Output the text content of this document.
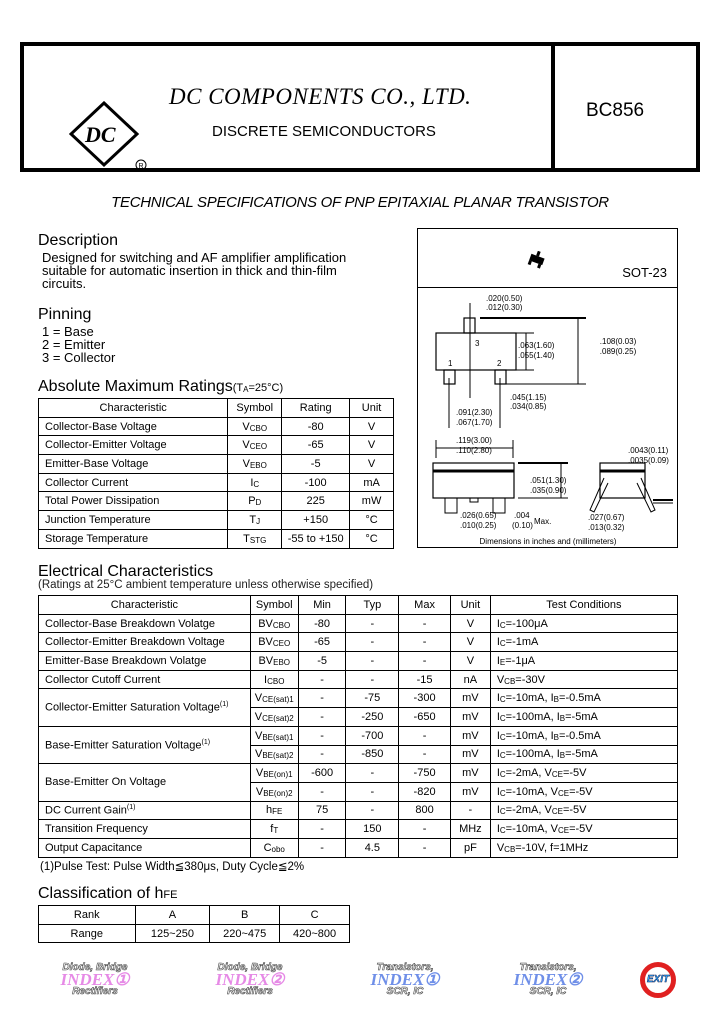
DC
R
DC COMPONENTS CO., LTD.
DISCRETE SEMICONDUCTORS
BC856
TECHNICAL SPECIFICATIONS OF PNP EPITAXIAL PLANAR TRANSISTOR
Description
Designed for switching and AF amplifier amplification
suitable for automatic insertion in thick and thin-film
circuits.
Pinning
1 = Base
2 = Emitter
3 = Collector
SOT-23
3
1	2
.020(0.50)
.012(0.30)
.063(1.60)
.055(1.40)
.108(0.03)
.089(0.25)
.045(1.15)
.034(0.85)
.091(2.30)
.067(1.70)
.119(3.00)
.110(2.80)
.051(1.30)
.035(0.90)
.026(0.65)
.010(0.25)
.004
(0.10) Max.
.0043(0.11)
.0035(0.09)
.027(0.67)
.013(0.32)
Dimensions in inches and (millimeters)
Absolute Maximum Ratings(TA=25°C)
Characteristic	Symbol	Rating	Unit
Collector-Base Voltage	VCBO	-80	V
Collector-Emitter Voltage	VCEO	-65	V
Emitter-Base Voltage	VEBO	-5	V
Collector Current	IC	-100	mA
Total Power Dissipation	PD	225	mW
Junction Temperature	TJ	+150	°C
Storage Temperature	TSTG	-55 to +150	°C
Electrical Characteristics
(Ratings at 25°C ambient temperature unless otherwise specified)
Characteristic	Symbol	Min	Typ	Max	Unit	Test Conditions
Collector-Base Breakdown Volatge	BVCBO	-80	-	-	V	IC=-100μA
Collector-Emitter Breakdown Voltage	BVCEO	-65	-	-	V	IC=-1mA
Emitter-Base Breakdown Volatge	BVEBO	-5	-	-	V	IE=-1μA
Collector Cutoff Current	ICBO	-	-	-15	nA	VCB=-30V
Collector-Emitter Saturation Voltage$^{(1)}$	VCE(sat)1	-	-75	-300	mV	IC=-10mA, IB=-0.5mA
	VCE(sat)2	-	-250	-650	mV	IC=-100mA, IB=-5mA
Base-Emitter Saturation Voltage$^{(1)}$	VBE(sat)1	-	-700	-	mV	IC=-10mA, IB=-0.5mA
	VBE(sat)2	-	-850	-	mV	IC=-100mA, IB=-5mA
Base-Emitter On Voltage	VBE(on)1	-600	-	-750	mV	IC=-2mA, VCE=-5V
	VBE(on)2	-	-	-820	mV	IC=-10mA, VCE=-5V
DC Current Gain$^{(1)}$	hFE	75	-	800	-	IC=-2mA, VCE=-5V
Transition Frequency	fT	-	150	-	MHz	IC=-10mA, VCE=-5V
Output Capacitance	Cobo	-	4.5	-	pF	VCB=-10V, f=1MHz
(1)Pulse Test: Pulse Width≦380μs, Duty Cycle≦2%
Classification of hFE
Rank	A	B	C
Range	125~250	220~475	420~800
Diode, Bridge
INDEX①
Rectifiers
Diode, Bridge
INDEX②
Rectifiers
Transistors,
INDEX①
SCR, IC
Transistors,
INDEX②
SCR, IC
EXIT
